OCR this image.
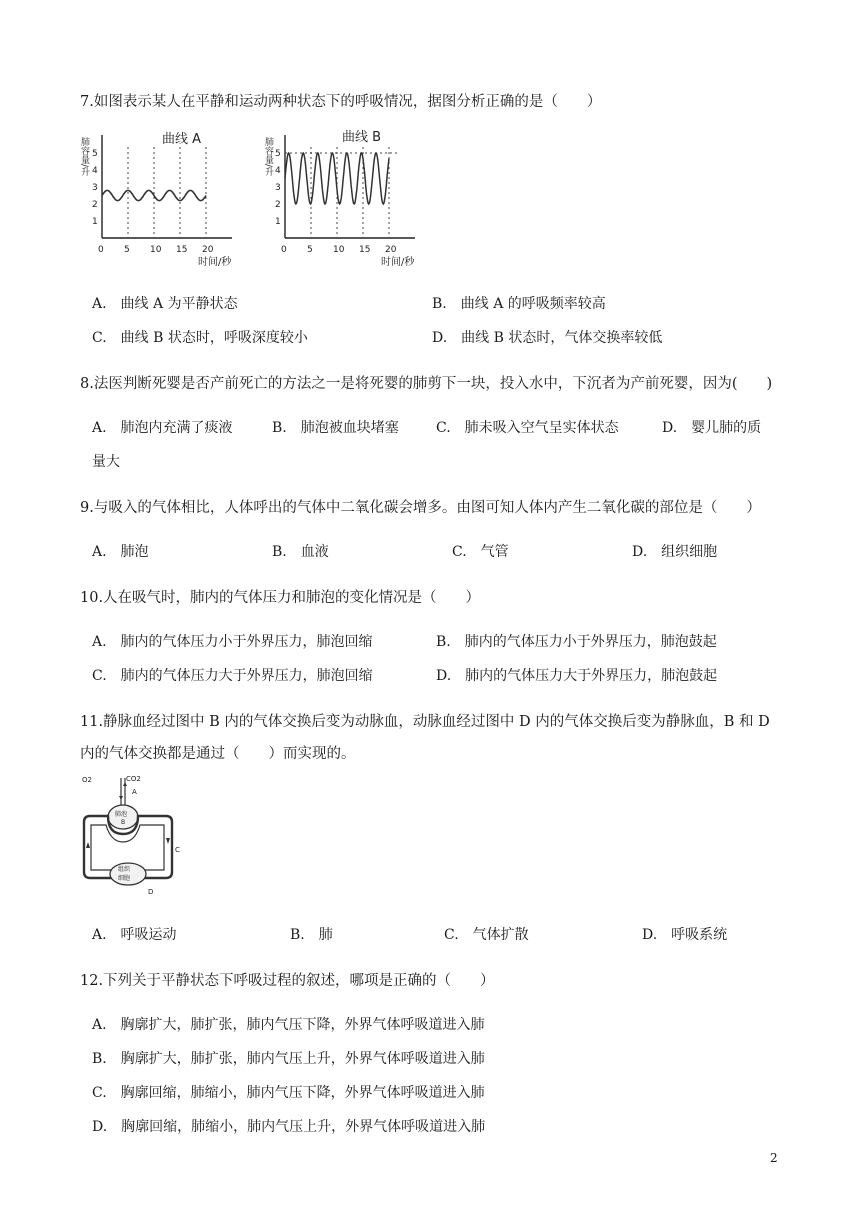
7.如图表示某人在平静和运动两种状态下的呼吸情况，据图分析正确的是（　　）
曲线 A
肺容量/升
1
2
3
4
5
0 5 10 15 20
时间/秒
曲线 B
肺容量/升
1
2
3
4
5
0 5 10 15 20
时间/秒
A.　曲线 A 为平静状态	B.　曲线 A 的呼吸频率较高
C.　曲线 B 状态时，呼吸深度较小	D.　曲线 B 状态时，气体交换率较低
8.法医判断死婴是否产前死亡的方法之一是将死婴的肺剪下一块，投入水中，下沉者为产前死婴，因为(　　)
A.　肺泡内充满了痰液	B.　肺泡被血块堵塞	C.　肺未吸入空气呈实体状态	D.　婴儿肺的质
量大
9.与吸入的气体相比，人体呼出的气体中二氧化碳会增多。由图可知人体内产生二氧化碳的部位是（　　）
A.　肺泡	B.　血液	C.　气管	D.　组织细胞
10.人在吸气时，肺内的气体压力和肺泡的变化情况是（　　）
A.　肺内的气体压力小于外界压力，肺泡回缩	B.　肺内的气体压力小于外界压力，肺泡鼓起
C.　肺内的气体压力大于外界压力，肺泡回缩	D.　肺内的气体压力大于外界压力，肺泡鼓起
11.静脉血经过图中 B 内的气体交换后变为动脉血，动脉血经过图中 D 内的气体交换后变为静脉血，B 和 D
内的气体交换都是通过（　　）而实现的。
O2	CO2
A
肺泡
B
C
组织
细胞
D
A.　呼吸运动	B.　肺	C.　气体扩散	D.　呼吸系统
12.下列关于平静状态下呼吸过程的叙述，哪项是正确的（　　）
A.　胸廓扩大，肺扩张，肺内气压下降，外界气体呼吸道进入肺
B.　胸廓扩大，肺扩张，肺内气压上升，外界气体呼吸道进入肺
C.　胸廓回缩，肺缩小，肺内气压下降，外界气体呼吸道进入肺
D.　胸廓回缩，肺缩小，肺内气压上升，外界气体呼吸道进入肺
2
